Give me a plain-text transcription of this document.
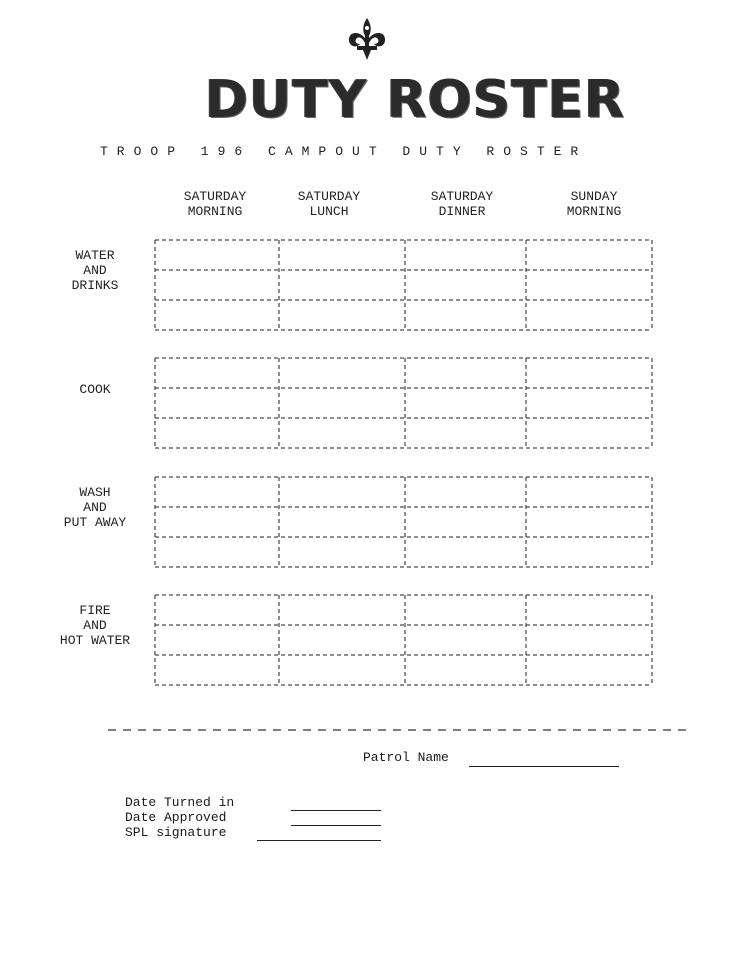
DUTY ROSTER
TROOP 196 CAMPOUT DUTY ROSTER
SATURDAY
MORNING
SATURDAY
LUNCH
SATURDAY
DINNER
SUNDAY
MORNING
WATER
AND
DRINKS
COOK
WASH
AND
PUT AWAY
FIRE
AND
HOT WATER
Patrol Name
Date Turned in
Date Approved
SPL signature
